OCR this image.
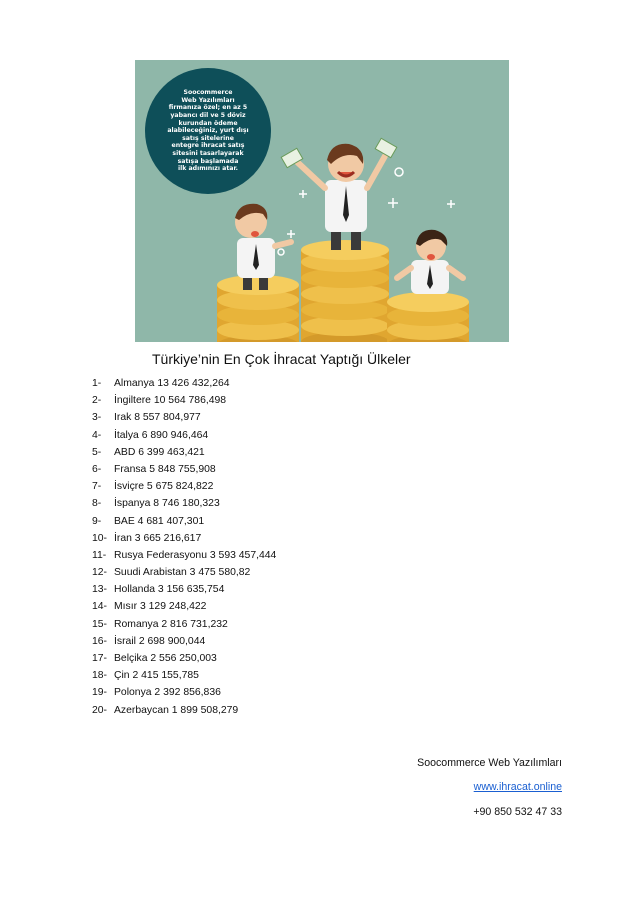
Soocommerce
Web Yazılımları
firmanıza özel; en az 5
yabancı dil ve 5 döviz
kurundan ödeme
alabileceğiniz, yurt dışı
satış sitelerine
entegre ihracat satış
sitesini tasarlayarak
satışa başlamada
ilk adımınızı atar.
Türkiye’nin En Çok İhracat Yaptığı Ülkeler
1- Almanya 13 426 432,264
2- İngiltere 10 564 786,498
3- Irak 8 557 804,977
4- İtalya 6 890 946,464
5- ABD 6 399 463,421
6- Fransa 5 848 755,908
7- İsviçre 5 675 824,822
8- İspanya 8 746 180,323
9- BAE 4 681 407,301
10- İran 3 665 216,617
11- Rusya Federasyonu 3 593 457,444
12- Suudi Arabistan 3 475 580,82
13- Hollanda 3 156 635,754
14- Mısır 3 129 248,422
15- Romanya 2 816 731,232
16- İsrail 2 698 900,044
17- Belçika 2 556 250,003
18- Çin 2 415 155,785
19- Polonya 2 392 856,836
20- Azerbaycan 1 899 508,279
Soocommerce Web Yazılımları
www.ihracat.online
+90 850 532 47 33
